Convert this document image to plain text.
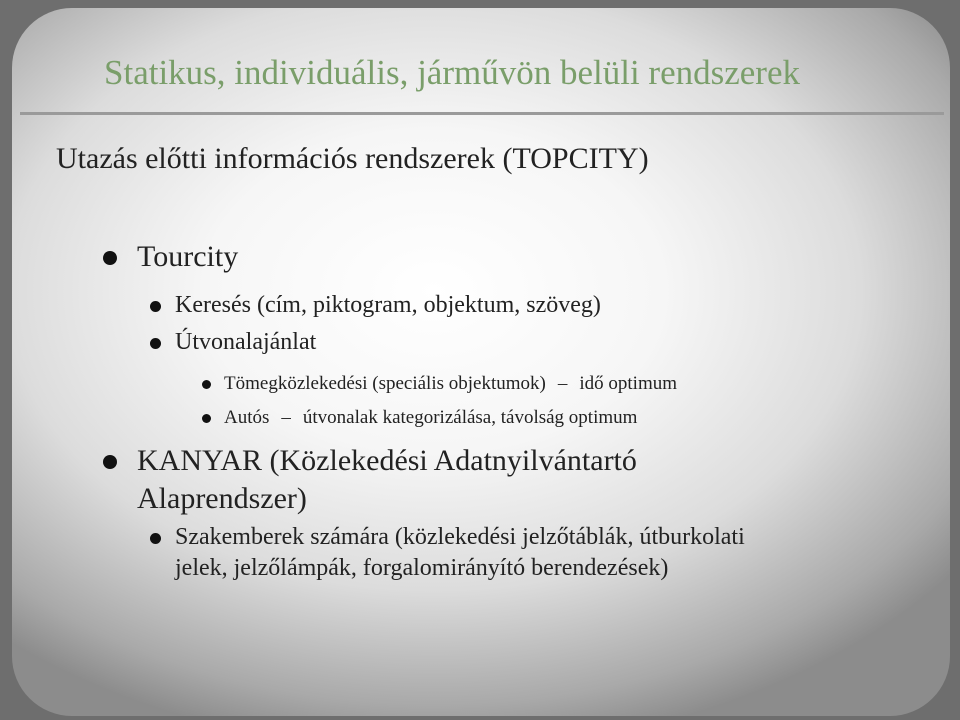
Statikus, individuális, járművön belüli rendszerek
Utazás előtti információs rendszerek (TOPCITY)
Tourcity
Keresés (cím, piktogram, objektum, szöveg)
Útvonalajánlat
Tömegközlekedési (speciális objektumok) – idő optimum
Autós – útvonalak kategorizálása, távolság optimum
KANYAR (Közlekedési Adatnyilvántartó
Alaprendszer)
Szakemberek számára (közlekedési jelzőtáblák, útburkolati
jelek, jelzőlámpák, forgalomirányító berendezések)
